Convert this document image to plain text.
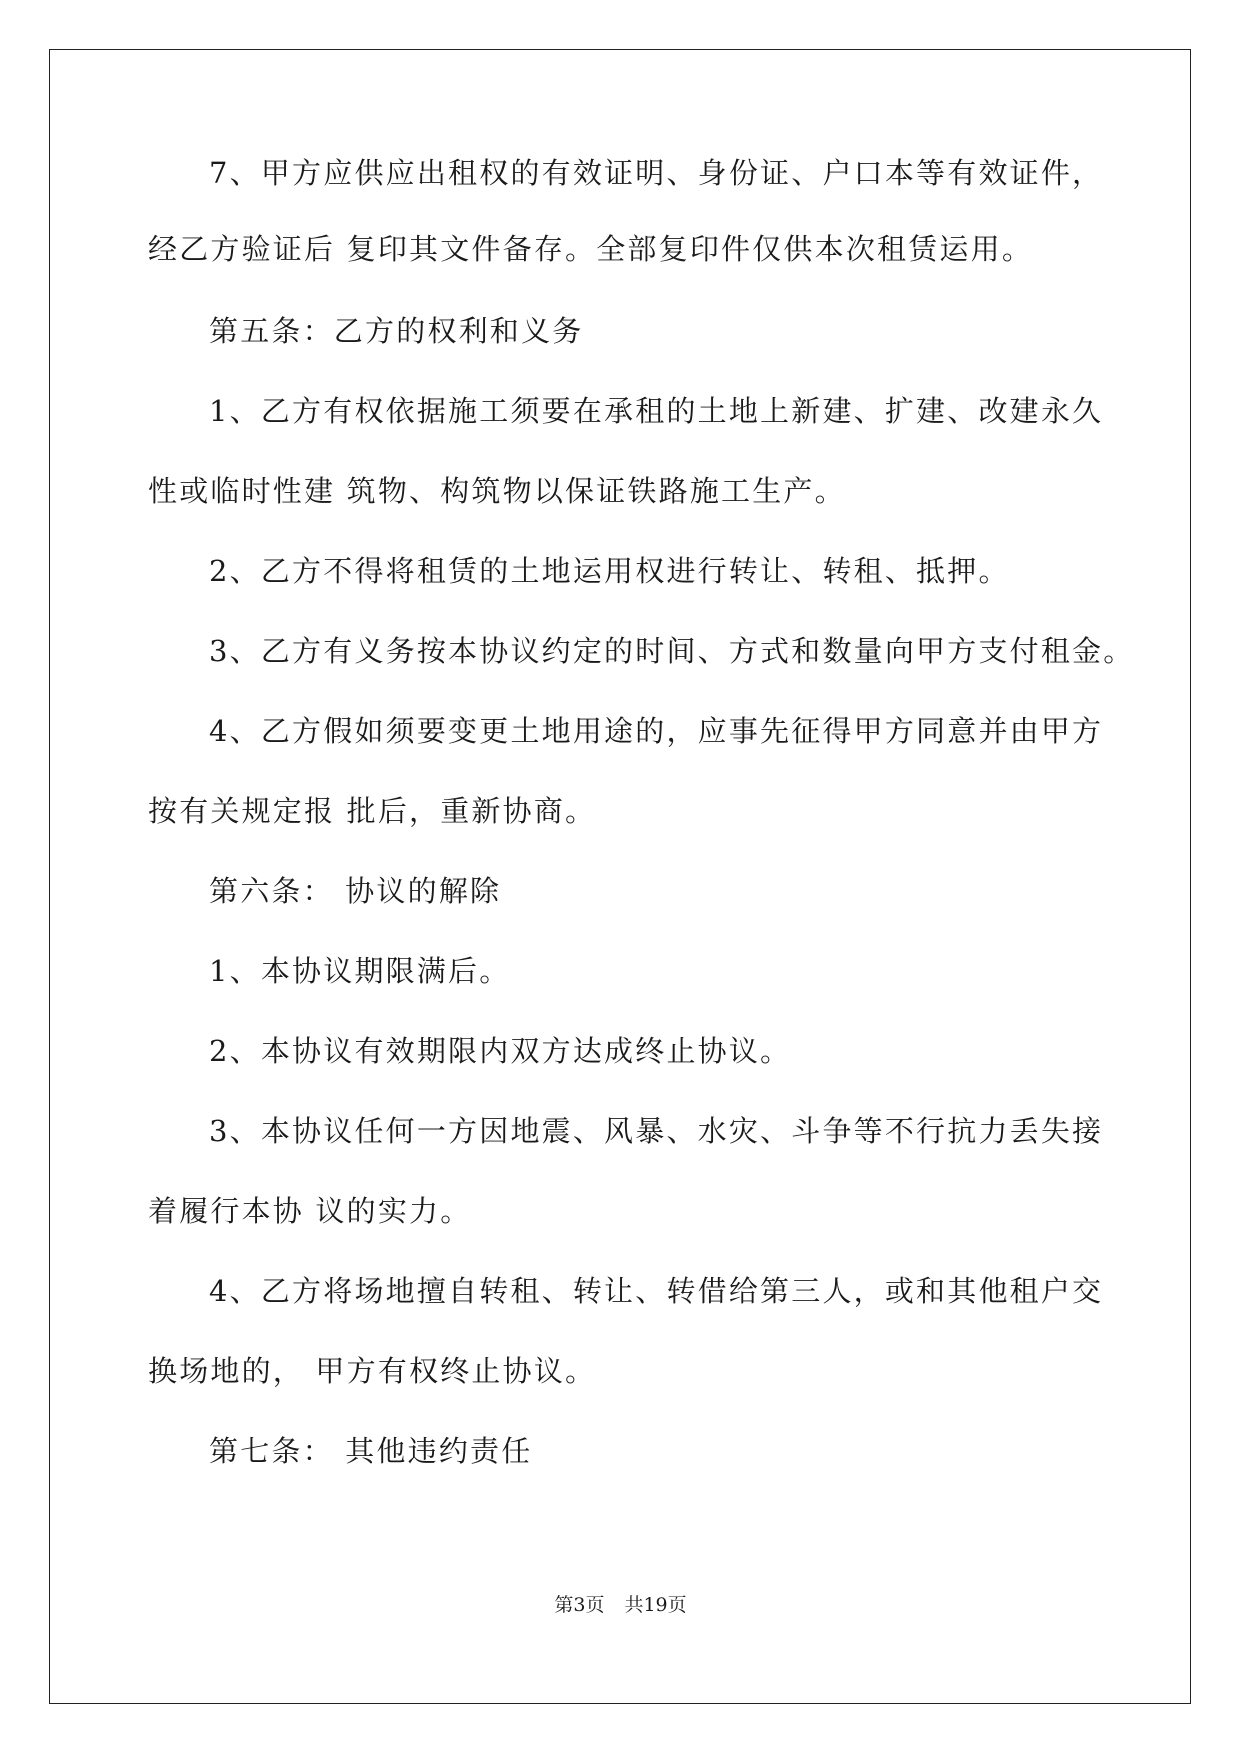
7、甲方应供应出租权的有效证明、身份证、户口本等有效证件，
经乙方验证后 复印其文件备存。全部复印件仅供本次租赁运用。
第五条：乙方的权利和义务
1、乙方有权依据施工须要在承租的土地上新建、扩建、改建永久
性或临时性建 筑物、构筑物以保证铁路施工生产。
2、乙方不得将租赁的土地运用权进行转让、转租、抵押。
3、乙方有义务按本协议约定的时间、方式和数量向甲方支付租金。
4、乙方假如须要变更土地用途的，应事先征得甲方同意并由甲方
按有关规定报 批后，重新协商。
第六条： 协议的解除
1、本协议期限满后。
2、本协议有效期限内双方达成终止协议。
3、本协议任何一方因地震、风暴、水灾、斗争等不行抗力丢失接
着履行本协 议的实力。
4、乙方将场地擅自转租、转让、转借给第三人，或和其他租户交
换场地的， 甲方有权终止协议。
第七条： 其他违约责任
第3页 共19页
